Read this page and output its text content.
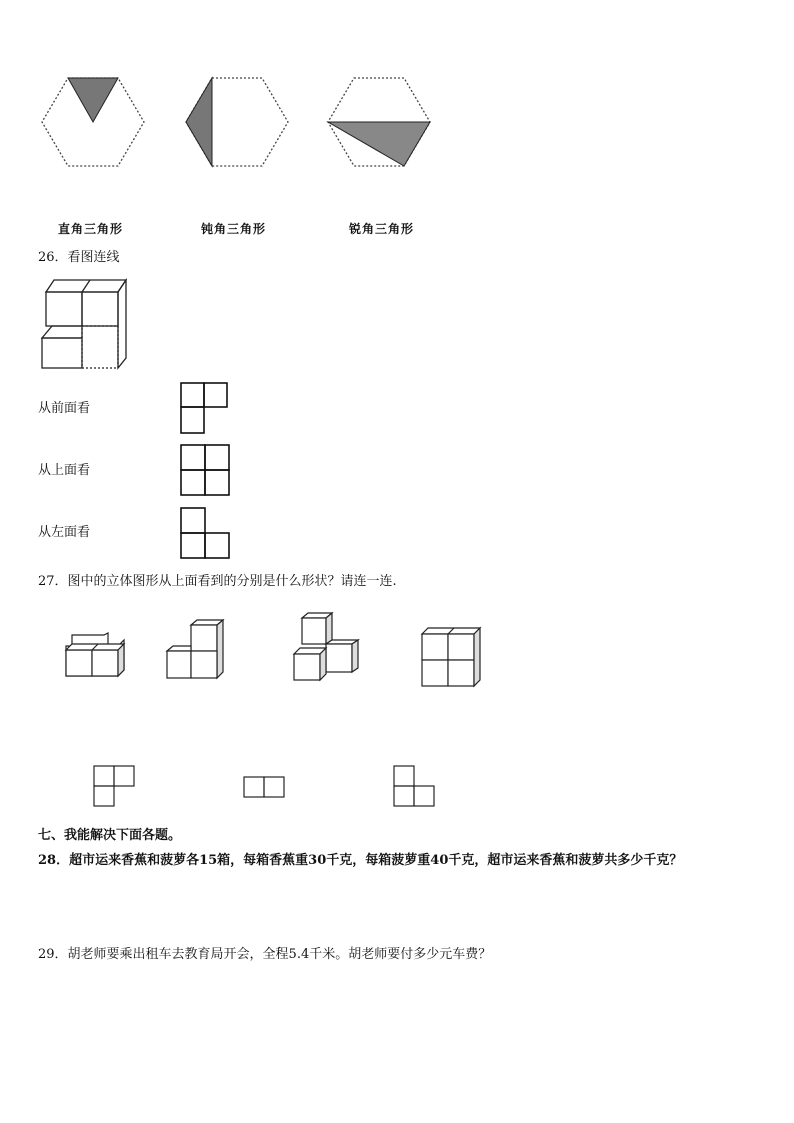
直角三角形	钝角三角形	锐角三角形
26．看图连线
从前面看
从上面看
从左面看
27．图中的立体图形从上面看到的分别是什么形状？请连一连.
七、我能解决下面各题。
28．超市运来香蕉和菠萝各15箱，每箱香蕉重30千克，每箱菠萝重40千克，超市运来香蕉和菠萝共多少千克？
29．胡老师要乘出租车去教育局开会，全程5.4千米。胡老师要付多少元车费？
